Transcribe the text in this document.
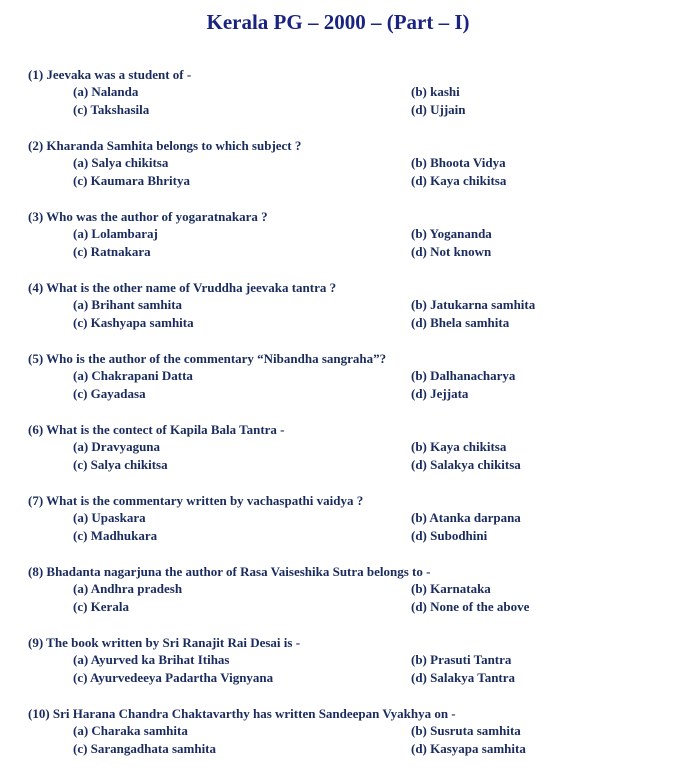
Kerala PG – 2000 – (Part – I)
(1) Jeevaka was a student of -
(a) Nalanda	(b) kashi
(c) Takshasila	(d) Ujjain
(2) Kharanda Samhita belongs to which subject ?
(a) Salya chikitsa	(b) Bhoota Vidya
(c) Kaumara Bhritya	(d) Kaya chikitsa
(3) Who was the author of yogaratnakara ?
(a) Lolambaraj	(b) Yogananda
(c) Ratnakara	(d) Not known
(4) What is the other name of Vruddha jeevaka tantra ?
(a) Brihant samhita	(b) Jatukarna samhita
(c) Kashyapa samhita	(d) Bhela samhita
(5) Who is the author of the commentary “Nibandha sangraha”?
(a) Chakrapani Datta	(b) Dalhanacharya
(c) Gayadasa	(d) Jejjata
(6) What is the contect of Kapila Bala Tantra -
(a) Dravyaguna	(b) Kaya chikitsa
(c) Salya chikitsa	(d) Salakya chikitsa
(7) What is the commentary written by vachaspathi vaidya ?
(a) Upaskara	(b) Atanka darpana
(c) Madhukara	(d) Subodhini
(8) Bhadanta nagarjuna the author of Rasa Vaiseshika Sutra belongs to -
(a) Andhra pradesh	(b) Karnataka
(c) Kerala	(d) None of the above
(9) The book written by Sri Ranajit Rai Desai is -
(a) Ayurved ka Brihat Itihas	(b) Prasuti Tantra
(c) Ayurvedeeya Padartha Vignyana	(d) Salakya Tantra
(10) Sri Harana Chandra Chaktavarthy has written Sandeepan Vyakhya on -
(a) Charaka samhita	(b) Susruta samhita
(c) Sarangadhata samhita	(d) Kasyapa samhita
